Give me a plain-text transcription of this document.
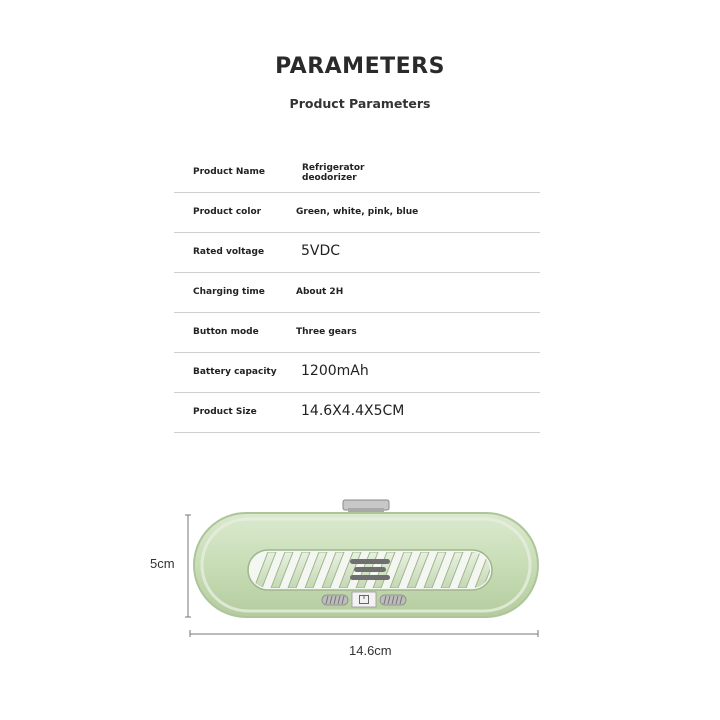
PARAMETERS
Product Parameters
Product Name	Refrigerator deodorizer
Product color	Green, white, pink, blue
Rated voltage	5VDC
Charging time	About 2H
Button mode	Three gears
Battery capacity 1200mAh
Product Size	14.6X4.4X5CM
5cm
14.6cm
